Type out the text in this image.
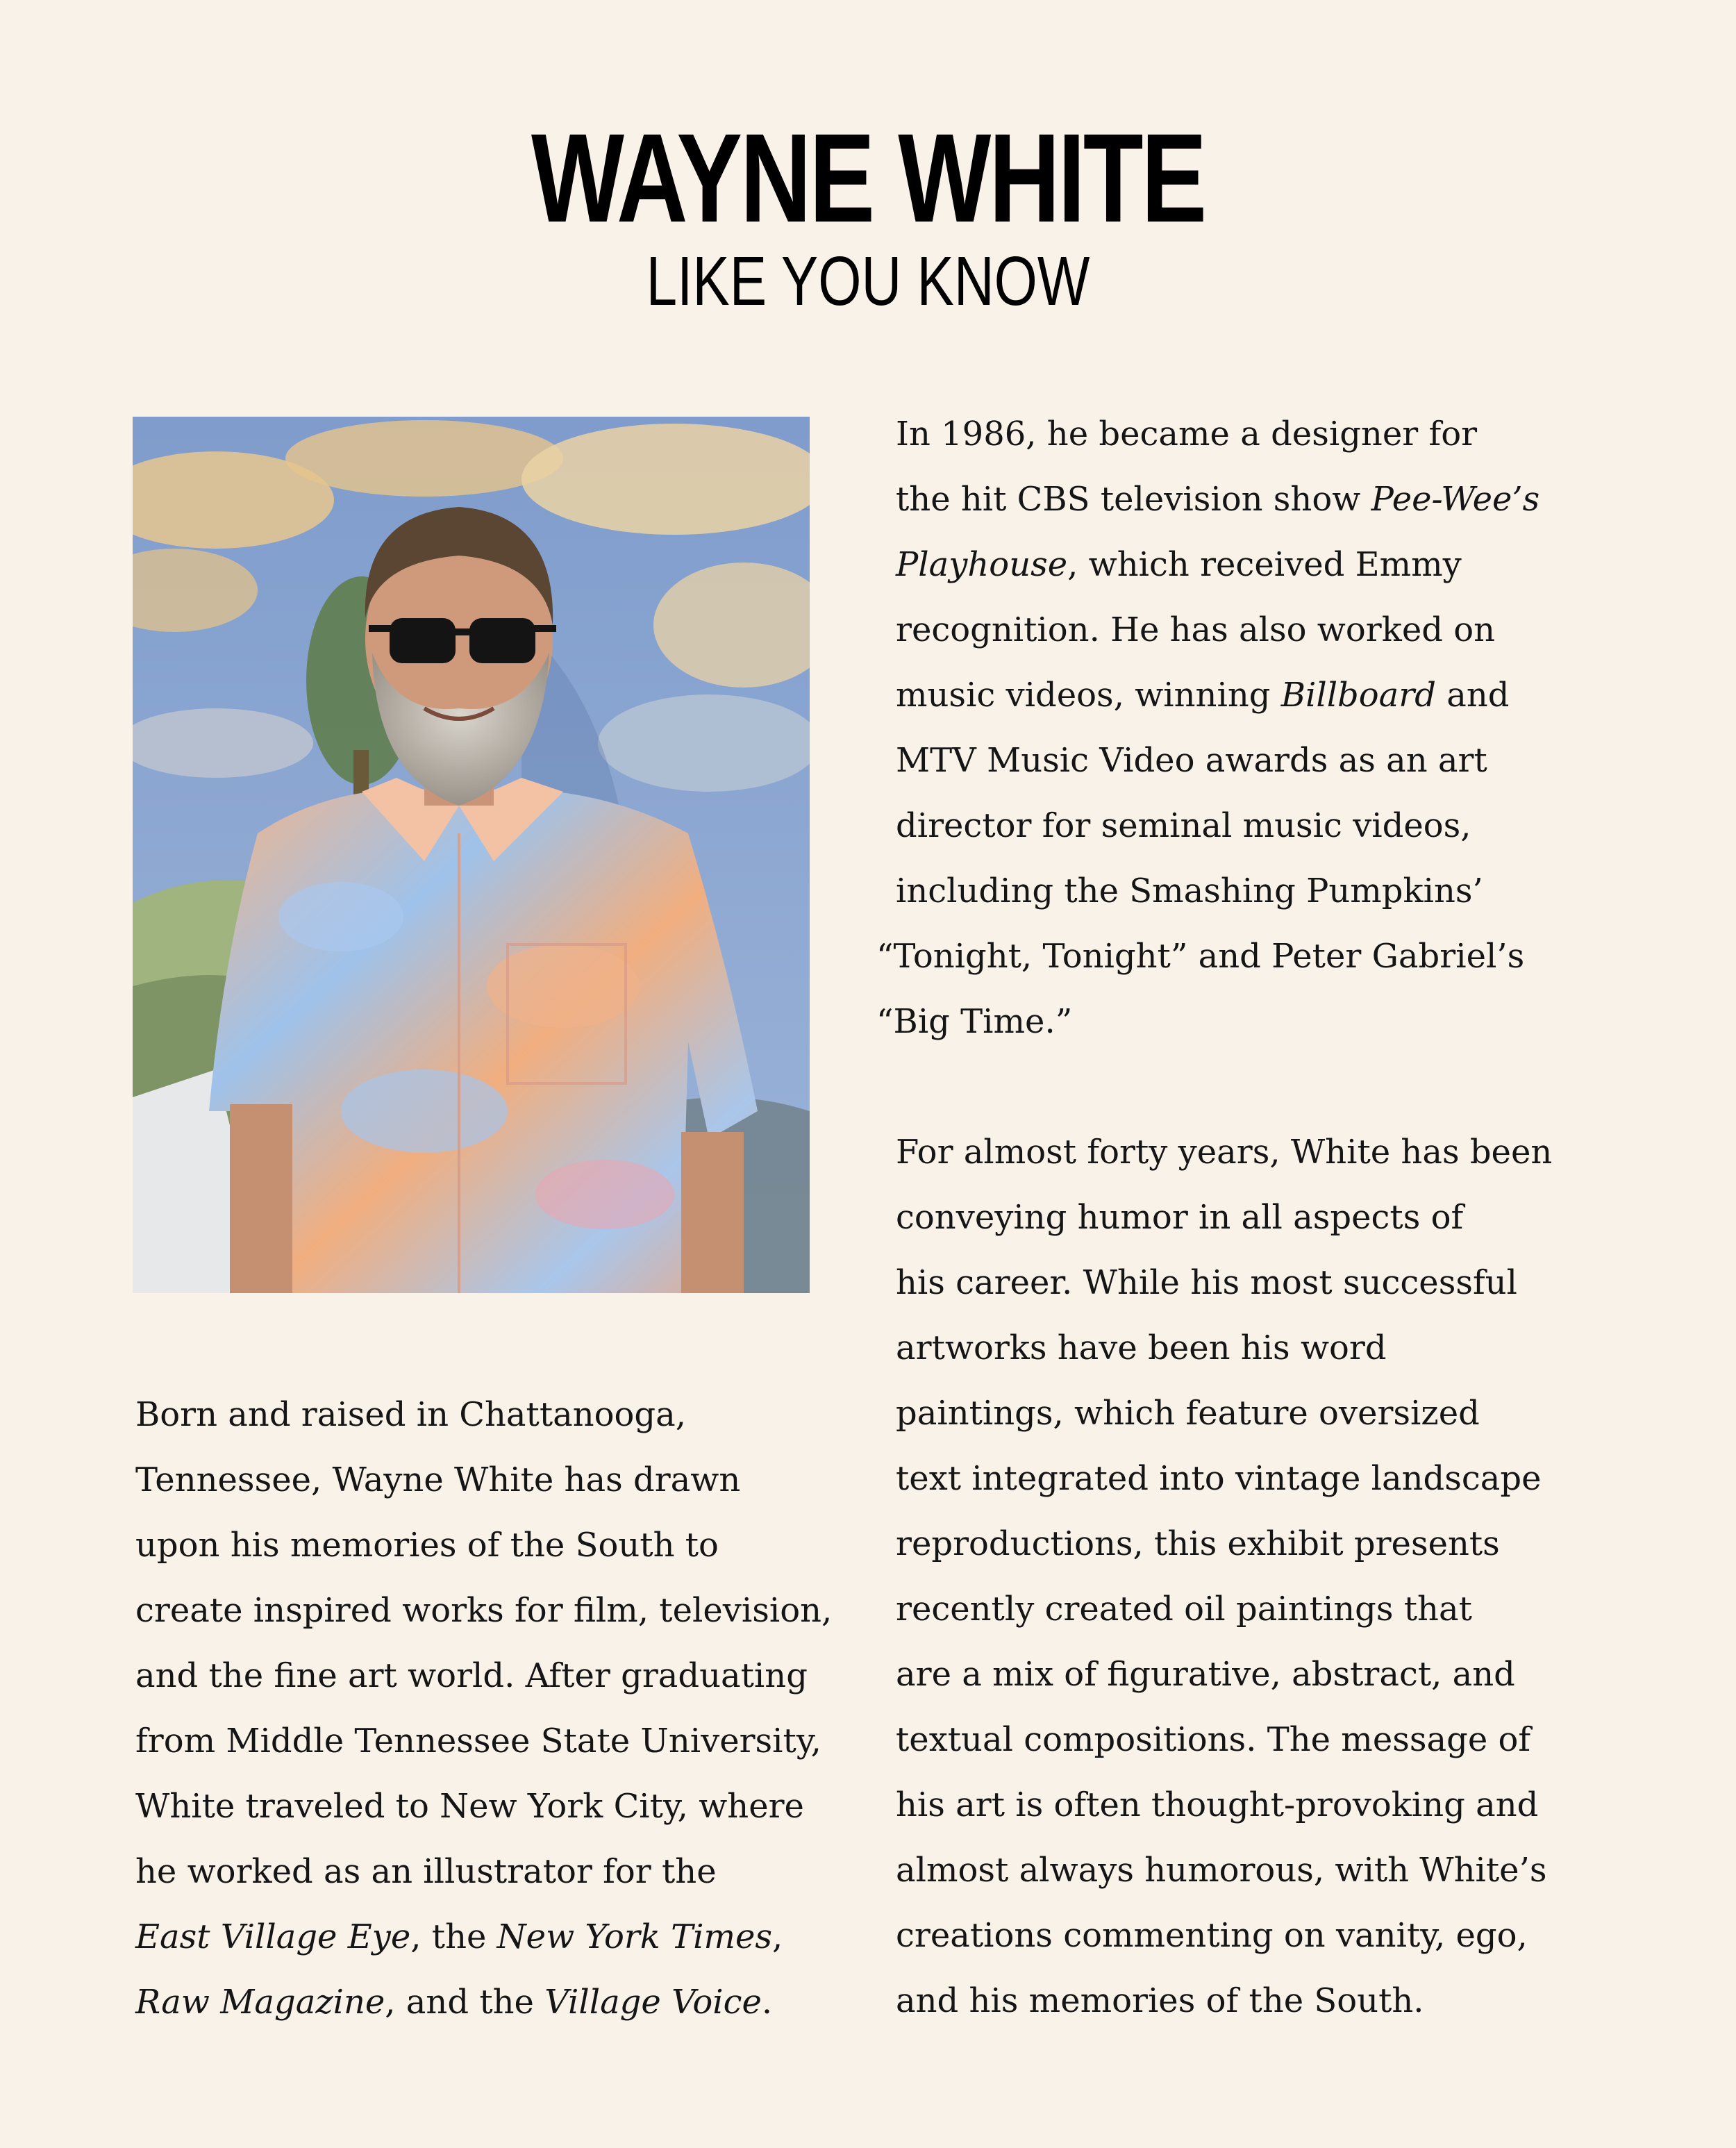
WAYNE WHITE
LIKE YOU KNOW

Born and raised in Chattanooga,
Tennessee, Wayne White has drawn
upon his memories of the South to
create inspired works for film, television,
and the fine art world. After graduating
from Middle Tennessee State University,
White traveled to New York City, where
he worked as an illustrator for the
East Village Eye, the New York Times,
Raw Magazine, and the Village Voice.

In 1986, he became a designer for
the hit CBS television show Pee-Wee’s
Playhouse, which received Emmy
recognition. He has also worked on
music videos, winning Billboard and
MTV Music Video awards as an art
director for seminal music videos,
including the Smashing Pumpkins’
“Tonight, Tonight” and Peter Gabriel’s
“Big Time.”

For almost forty years, White has been
conveying humor in all aspects of
his career. While his most successful
artworks have been his word
paintings, which feature oversized
text integrated into vintage landscape
reproductions, this exhibit presents
recently created oil paintings that
are a mix of figurative, abstract, and
textual compositions. The message of
his art is often thought-provoking and
almost always humorous, with White’s
creations commenting on vanity, ego,
and his memories of the South.
